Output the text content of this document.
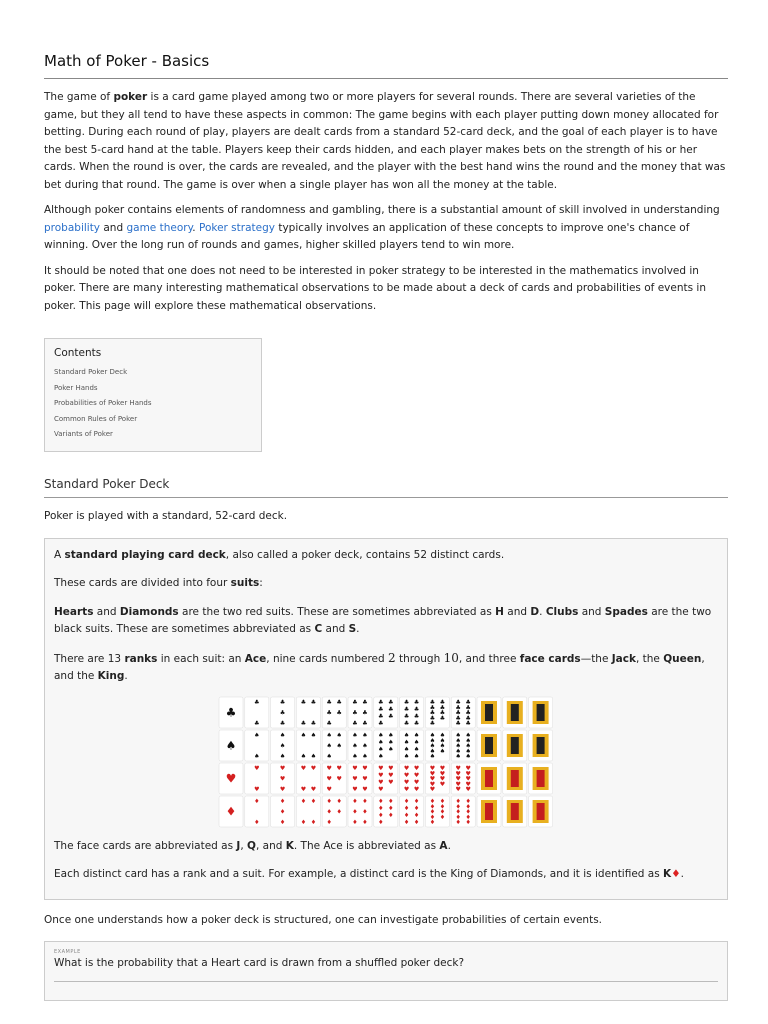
Math of Poker - Basics

The game of poker is a card game played among two or more players for several rounds. There are several varieties of the game, but they all tend to have these aspects in common: The game begins with each player putting down money allocated for betting. During each round of play, players are dealt cards from a standard 52-card deck, and the goal of each player is to have the best 5-card hand at the table. Players keep their cards hidden, and each player makes bets on the strength of his or her cards. When the round is over, the cards are revealed, and the player with the best hand wins the round and the money that was bet during that round. The game is over when a single player has won all the money at the table.

Although poker contains elements of randomness and gambling, there is a substantial amount of skill involved in understanding probability and game theory. Poker strategy typically involves an application of these concepts to improve one's chance of winning. Over the long run of rounds and games, higher skilled players tend to win more.

It should be noted that one does not need to be interested in poker strategy to be interested in the mathematics involved in poker. There are many interesting mathematical observations to be made about a deck of cards and probabilities of events in poker. This page will explore these mathematical observations.

Contents
Standard Poker Deck
Poker Hands
Probabilities of Poker Hands
Common Rules of Poker
Variants of Poker
Standard Poker Deck

Poker is played with a standard, 52-card deck.

A standard playing card deck, also called a poker deck, contains 52 distinct cards.

These cards are divided into four suits:

Hearts and Diamonds are the two red suits. These are sometimes abbreviated as H and D. Clubs and Spades are the two black suits. These are sometimes abbreviated as C and S.

There are 13 ranks in each suit: an Ace, nine cards numbered 2 through 10, and three face cards—the Jack, the Queen, and the King.

♣
♣
♣
♣
♣
♣
♣ ♣
♣ ♣
♣ ♣
♣ ♣
♣
♣ ♣
♣ ♣
♣ ♣
♣ ♣
♣ ♣
♣ ♣
♣
♣ ♣
♣ ♣
♣ ♣
♣ ♣
♣ ♣
♣ ♣
♣ ♣
♣ ♣
♣
♣ ♣
♣ ♣
♣ ♣
♣ ♣
♣ ♣
♠
♠
♠
♠
♠
♠
♠ ♠
♠ ♠
♠ ♠
♠ ♠
♠
♠ ♠
♠ ♠
♠ ♠
♠ ♠
♠ ♠
♠ ♠
♠
♠ ♠
♠ ♠
♠ ♠
♠ ♠
♠ ♠
♠ ♠
♠ ♠
♠ ♠
♠
♠ ♠
♠ ♠
♠ ♠
♠ ♠
♠ ♠
♥
♥
♥
♥
♥
♥
♥ ♥
♥ ♥
♥ ♥
♥ ♥
♥
♥ ♥
♥ ♥
♥ ♥
♥ ♥
♥ ♥
♥ ♥
♥
♥ ♥
♥ ♥
♥ ♥
♥ ♥
♥ ♥
♥ ♥
♥ ♥
♥ ♥
♥
♥ ♥
♥ ♥
♥ ♥
♥ ♥
♥ ♥
♦
♦
♦
♦
♦
♦
♦ ♦
♦ ♦
♦ ♦
♦ ♦
♦
♦ ♦
♦ ♦
♦ ♦
♦ ♦
♦ ♦
♦ ♦
♦
♦ ♦
♦ ♦
♦ ♦
♦ ♦
♦ ♦
♦ ♦
♦ ♦
♦ ♦
♦
♦ ♦
♦ ♦
♦ ♦
♦ ♦
♦ ♦

The face cards are abbreviated as J, Q, and K. The Ace is abbreviated as A.

Each distinct card has a rank and a suit. For example, a distinct card is the King of Diamonds, and it is identified as K♦.

Once one understands how a poker deck is structured, one can investigate probabilities of certain events.

EXAMPLE
What is the probability that a Heart card is drawn from a shuffled poker deck?
